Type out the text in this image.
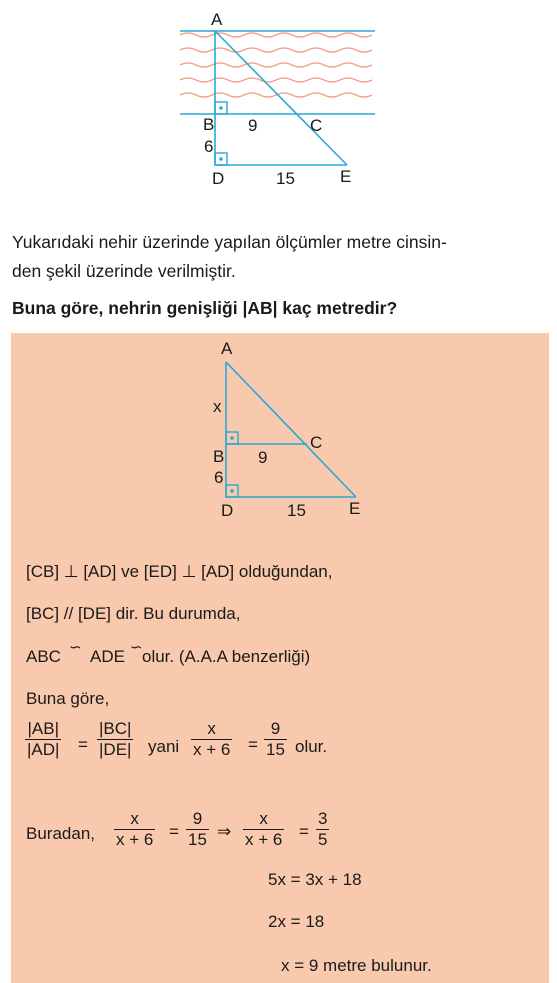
A
B 9	C
6
D	15	E

Yukarıdaki nehir üzerinde yapılan ölçümler metre cinsin-

den şekil üzerinde verilmiştir.

Buna göre, nehrin genişliği |AB| kaç metredir?
A
x
B 9
C
6
D	15	E
[CB] ⊥ [AD] ve [ED] ⊥ [AD] olduğundan,
[BC] // [DE] dir. Bu durumda,
ABC ∽ ADE ∽ olur. (A.A.A benzerliği)
Buna göre,
$\frac{|AB|}{|AD|} = \frac{|BC|}{|DE|}$ yani $\frac{x}{x + 6} = \frac{9}{15}$ olur.
Buradan, $\frac{x}{x + 6} = \frac{9}{15}$ ⇒ $\frac{x}{x + 6} = \frac{3}{5}$
5x = 3x + 18
2x = 18
x = 9 metre bulunur.
